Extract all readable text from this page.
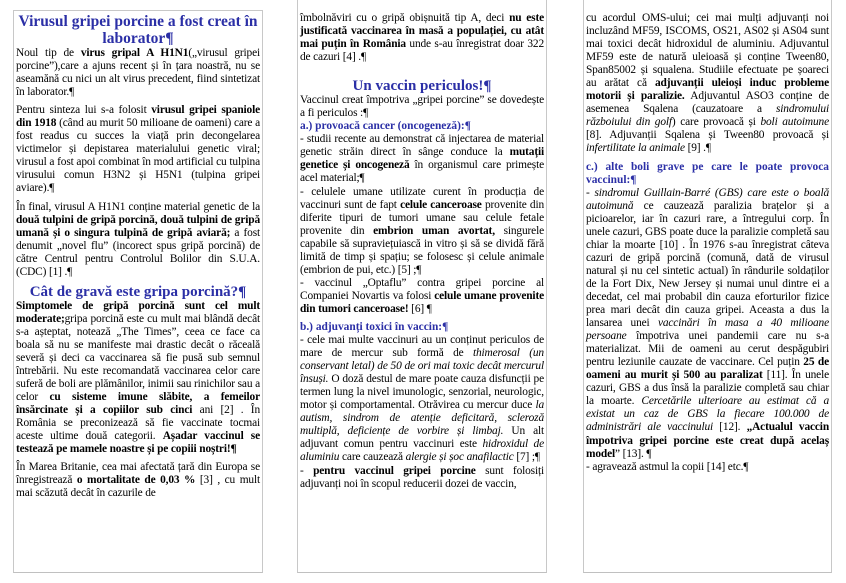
Virusul gripei porcine a fost creat în laborator¶

Noul tip de virus gripal A H1N1(„virusul gripei porcine”),care a ajuns recent și în țara noastră, nu se aseamănă cu nici un alt virus precedent, fiind sintetizat în laborator.¶

Pentru sinteza lui s-a folosit virusul gripei spaniole din 1918 (când au murit 50 milioane de oameni) care a fost readus cu succes la viață prin decongelarea victimelor și depistarea materialului genetic viral; virusul a fost apoi combinat în mod artificial cu tulpina virusului comun H3N2 și H5N1 (tulpina gripei aviare).¶

În final, virusul A H1N1 conține material genetic de la două tulpini de gripă porcină, două tulpini de gripă umană și o singura tulpină de gripă aviară; a fost denumit „novel flu” (incorect spus gripă porcină) de către Centrul pentru Controlul Bolilor din S.U.A.(CDC) [1] .¶

Cât de gravă este gripa porcină?¶

Simptomele de gripă porcină sunt cel mult moderate;gripa porcină este cu mult mai blândă decât s-a așteptat, notează „The Times”, ceea ce face ca boala să nu se manifeste mai drastic decât o răceală severă și deci ca vaccinarea să fie pusă sub semnul întrebării. Nu este recomandată vaccinarea celor care suferă de boli are plămânilor, inimii sau rinichilor sau a celor cu sisteme imune slăbite, a femeilor însărcinate și a copiilor sub cinci ani [2] . În România se preconizează să fie vaccinate tocmai aceste ultime două categorii. Așadar vaccinul se testează pe mamele noastre și pe copiii noștri!¶

În Marea Britanie, cea mai afectată țară din Europa se înregistrează o mortalitate de 0,03 % [3] , cu mult mai scăzută decât în cazurile de

îmbolnăviri cu o gripă obișnuită tip A, deci nu este justificată vaccinarea în masă a populației, cu atât mai puțin în România unde s-au înregistrat doar 322 de cazuri [4] .¶

Un vaccin periculos!¶

Vaccinul creat împotriva „gripei porcine” se dovedește a fi periculos :¶

a.) provoacă cancer (oncogeneză):¶

- studii recente au demonstrat că injectarea de material genetic străin direct în sânge conduce la mutații genetice și oncogeneză în organismul care primește acel material;¶

- celulele umane utilizate curent în producția de vaccinuri sunt de fapt celule canceroase provenite din diferite tipuri de tumori umane sau celule fetale provenite din embrion uman avortat, singurele capabile să supraviețuiască in vitro și să se dividă fără limită de timp și spațiu; se folosesc și celule animale (embrion de pui, etc.) [5] ;¶

- vaccinul „Optaflu” contra gripei porcine al Companiei Novartis va folosi celule umane provenite din tumori canceroase! [6] ¶

b.) adjuvanți toxici în vaccin:¶

- cele mai multe vaccinuri au un conținut periculos de mare de mercur sub formă de thimerosal (un conservant letal) de 50 de ori mai toxic decât mercurul însuși. O doză destul de mare poate cauza disfuncții pe termen lung la nivel imunologic, senzorial, neurologic, motor și comportamental. Otrăvirea cu mercur duce la autism, sindrom de atenție deficitară, scleroză multiplă, deficiențe de vorbire și limbaj. Un alt adjuvant comun pentru vaccinuri este hidroxidul de aluminiu care cauzează alergie și șoc anafilactic [7] ;¶

- pentru vaccinul gripei porcine sunt folosiți adjuvanți noi în scopul reducerii dozei de vaccin,

cu acordul OMS-ului; cei mai mulți adjuvanți noi incluzând MF59, ISCOMS, OS21, AS02 și AS04 sunt mai toxici decât hidroxidul de aluminiu. Adjuvantul MF59 este de natură uleioasă și conține Tween80, Span85002 și squalena. Studiile efectuate pe șoareci au arătat că adjuvanții uleioși induc probleme motorii și paralizie. Adjuvantul ASO3 conține de asemenea Sqalena (cauzatoare a sindromului războiului din golf) care provoacă și boli autoimune [8]. Adjuvanții Sqalena și Tween80 provoacă și infertilitate la animale [9] .¶

c.) alte boli grave pe care le poate provoca vaccinul:¶

- sindromul Guillain-Barré (GBS) care este o boală autoimună ce cauzează paralizia brațelor și a picioarelor, iar în cazuri rare, a întregului corp. În unele cazuri, GBS poate duce la paralizie completă sau chiar la moarte [10] . În 1976 s-au înregistrat câteva cazuri de gripă porcină (comună, dată de virusul natural și nu cel sintetic actual) în rândurile soldaților de la Fort Dix, New Jersey și numai unul dintre ei a decedat, cel mai probabil din cauza eforturilor fizice prea mari decât din cauza gripei. Aceasta a dus la lansarea unei vaccinări în masa a 40 milioane persoane împotriva unei pandemii care nu s-a materializat. Mii de oameni au cerut despăgubiri pentru leziunile cauzate de vaccinare. Cel puțin 25 de oameni au murit și 500 au paralizat [11]. În unele cazuri, GBS a dus însă la paralizie completă sau chiar la moarte. Cercetările ulterioare au estimat că a existat un caz de GBS la fiecare 100.000 de administrări ale vaccinului [12]. „Actualul vaccin împotriva gripei porcine este creat după acelaș model” [13]. ¶

- agravează astmul la copii [14] etc.¶
